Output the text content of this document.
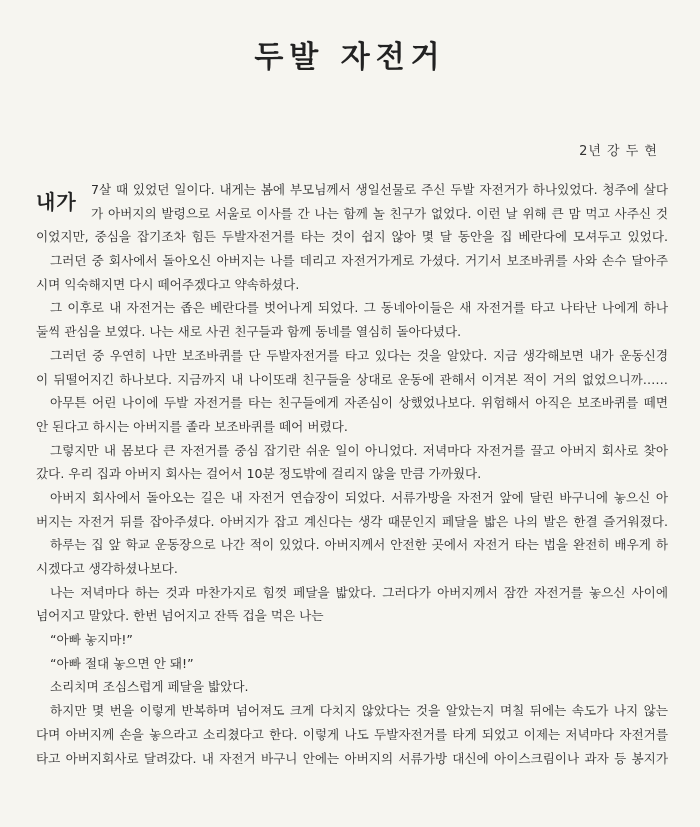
두발 자전거
2년 강 두 현
내가
7살 때 있었던 일이다. 내게는 봄에 부모님께서 생일선물로 주신 두발 자전거가 하나있었다. 청주에 살다
가 아버지의 발령으로 서울로 이사를 간 나는 함께 놀 친구가 없었다. 이런 날 위해 큰 맘 먹고 사주신 것
이었지만, 중심을 잡기조차 힘든 두발자전거를 타는 것이 쉽지 않아 몇 달 동안을 집 베란다에 모셔두고 있었다.
그러던 중 회사에서 돌아오신 아버지는 나를 데리고 자전거가게로 가셨다. 거기서 보조바퀴를 사와 손수 달아주
시며 익숙해지면 다시 떼어주겠다고 약속하셨다.
그 이후로 내 자전거는 좁은 베란다를 벗어나게 되었다. 그 동네아이들은 새 자전거를 타고 나타난 나에게 하나
둘씩 관심을 보였다. 나는 새로 사귄 친구들과 함께 동네를 열심히 돌아다녔다.
그러던 중 우연히 나만 보조바퀴를 단 두발자전거를 타고 있다는 것을 알았다. 지금 생각해보면 내가 운동신경
이 뒤떨어지긴 하나보다. 지금까지 내 나이또래 친구들을 상대로 운동에 관해서 이겨본 적이 거의 없었으니까……
아무튼 어린 나이에 두발 자전거를 타는 친구들에게 자존심이 상했었나보다. 위험해서 아직은 보조바퀴를 떼면
안 된다고 하시는 아버지를 졸라 보조바퀴를 떼어 버렸다.
그렇지만 내 몸보다 큰 자전거를 중심 잡기란 쉬운 일이 아니었다. 저녁마다 자전거를 끌고 아버지 회사로 찾아
갔다. 우리 집과 아버지 회사는 걸어서 10분 정도밖에 걸리지 않을 만큼 가까웠다.
아버지 회사에서 돌아오는 길은 내 자전거 연습장이 되었다. 서류가방을 자전거 앞에 달린 바구니에 놓으신 아
버지는 자전거 뒤를 잡아주셨다. 아버지가 잡고 계신다는 생각 때문인지 페달을 밟은 나의 발은 한결 즐거워졌다.
하루는 집 앞 학교 운동장으로 나간 적이 있었다. 아버지께서 안전한 곳에서 자전거 타는 법을 완전히 배우게 하
시겠다고 생각하셨나보다.
나는 저녁마다 하는 것과 마찬가지로 힘껏 페달을 밟았다. 그러다가 아버지께서 잠깐 자전거를 놓으신 사이에
넘어지고 말았다. 한번 넘어지고 잔뜩 겁을 먹은 나는
“아빠 놓지마!”
“아빠 절대 놓으면 안 돼!”
소리치며 조심스럽게 페달을 밟았다.
하지만 몇 번을 이렇게 반복하며 넘어져도 크게 다치지 않았다는 것을 알았는지 며칠 뒤에는 속도가 나지 않는
다며 아버지께 손을 놓으라고 소리쳤다고 한다. 이렇게 나도 두발자전거를 타게 되었고 이제는 저녁마다 자전거를
타고 아버지회사로 달려갔다. 내 자전거 바구니 안에는 아버지의 서류가방 대신에 아이스크림이나 과자 등 봉지가
